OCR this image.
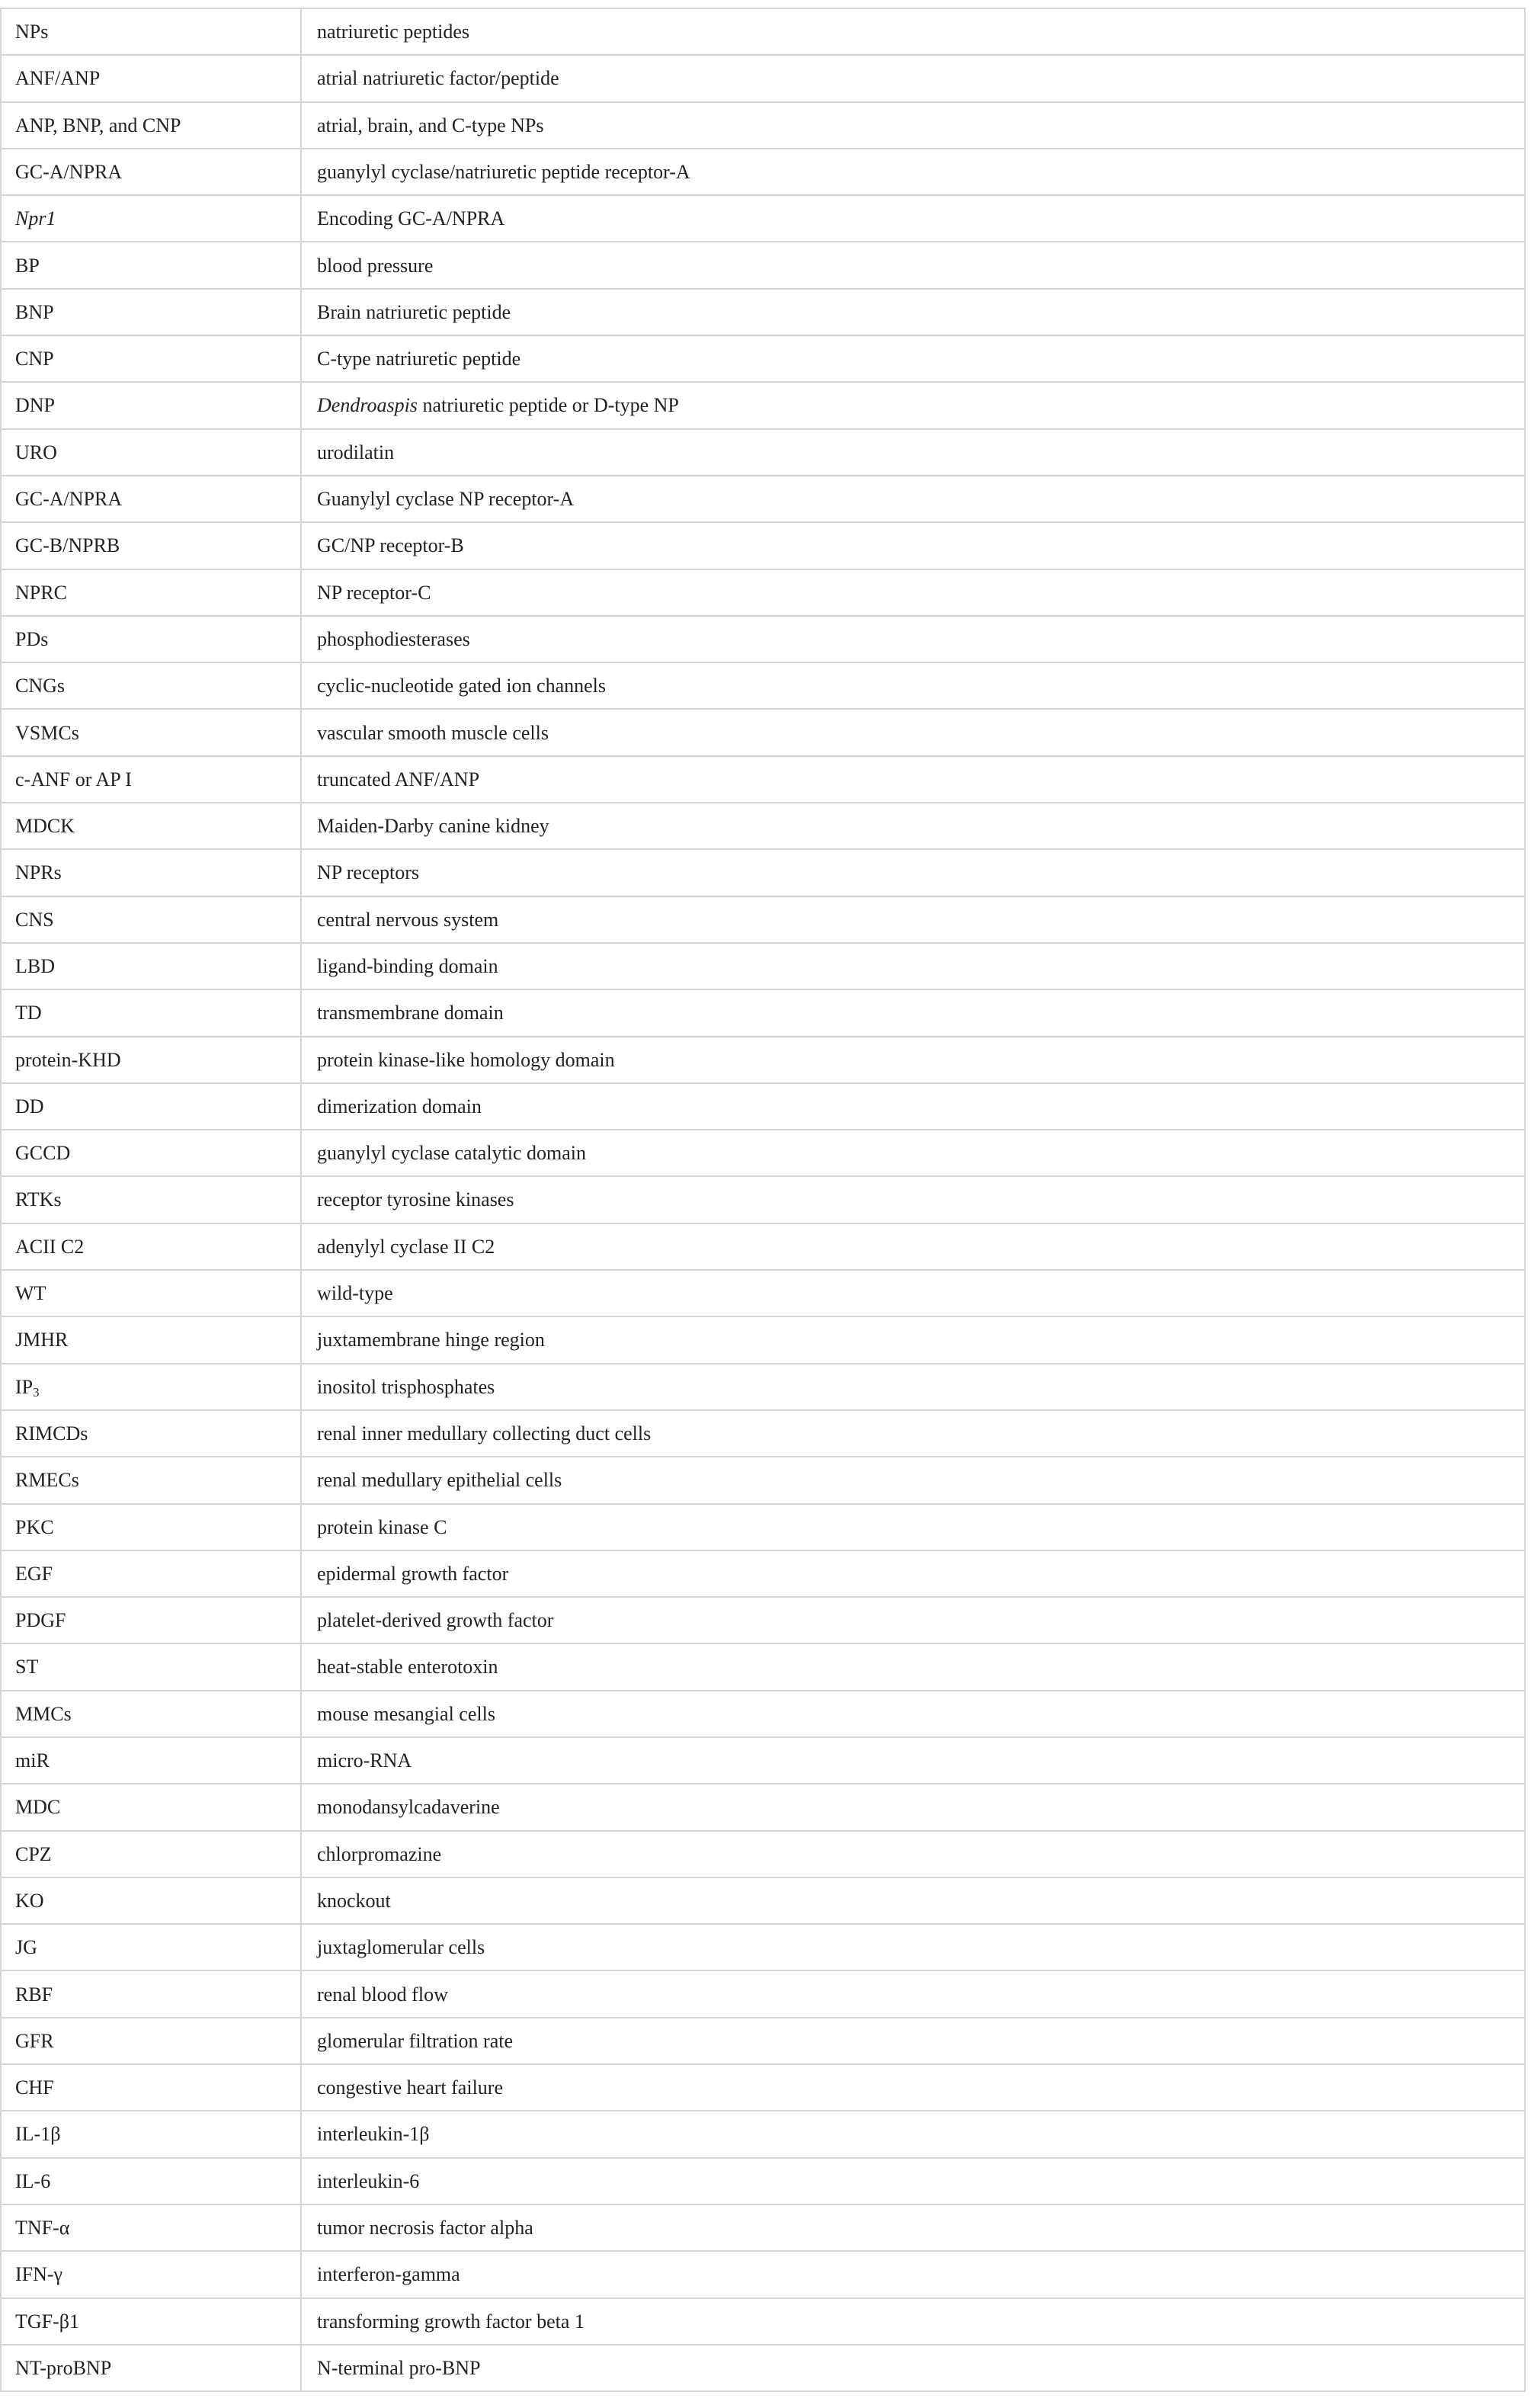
NPs	natriuretic peptides
ANF/ANP	atrial natriuretic factor/peptide
ANP, BNP, and CNP	atrial, brain, and C-type NPs
GC-A/NPRA	guanylyl cyclase/natriuretic peptide receptor-A
Npr1	Encoding GC-A/NPRA
BP	blood pressure
BNP	Brain natriuretic peptide
CNP	C-type natriuretic peptide
DNP	Dendroaspis natriuretic peptide or D-type NP
URO	urodilatin
GC-A/NPRA	Guanylyl cyclase NP receptor-A
GC-B/NPRB	GC/NP receptor-B
NPRC	NP receptor-C
PDs	phosphodiesterases
CNGs	cyclic-nucleotide gated ion channels
VSMCs	vascular smooth muscle cells
c-ANF or AP I	truncated ANF/ANP
MDCK	Maiden-Darby canine kidney
NPRs	NP receptors
CNS	central nervous system
LBD	ligand-binding domain
TD	transmembrane domain
protein-KHD	protein kinase-like homology domain
DD	dimerization domain
GCCD	guanylyl cyclase catalytic domain
RTKs	receptor tyrosine kinases
ACII C2	adenylyl cyclase II C2
WT	wild-type
JMHR	juxtamembrane hinge region
$IP_3$	inositol trisphosphates
RIMCDs	renal inner medullary collecting duct cells
RMECs	renal medullary epithelial cells
PKC	protein kinase C
EGF	epidermal growth factor
PDGF	platelet-derived growth factor
ST	heat-stable enterotoxin
MMCs	mouse mesangial cells
miR	micro-RNA
MDC	monodansylcadaverine
CPZ	chlorpromazine
KO	knockout
JG	juxtaglomerular cells
RBF	renal blood flow
GFR	glomerular filtration rate
CHF	congestive heart failure
IL-1β	interleukin-1β
IL-6	interleukin-6
TNF-α	tumor necrosis factor alpha
IFN-γ	interferon-gamma
TGF-β1	transforming growth factor beta 1
NT-proBNP	N-terminal pro-BNP
